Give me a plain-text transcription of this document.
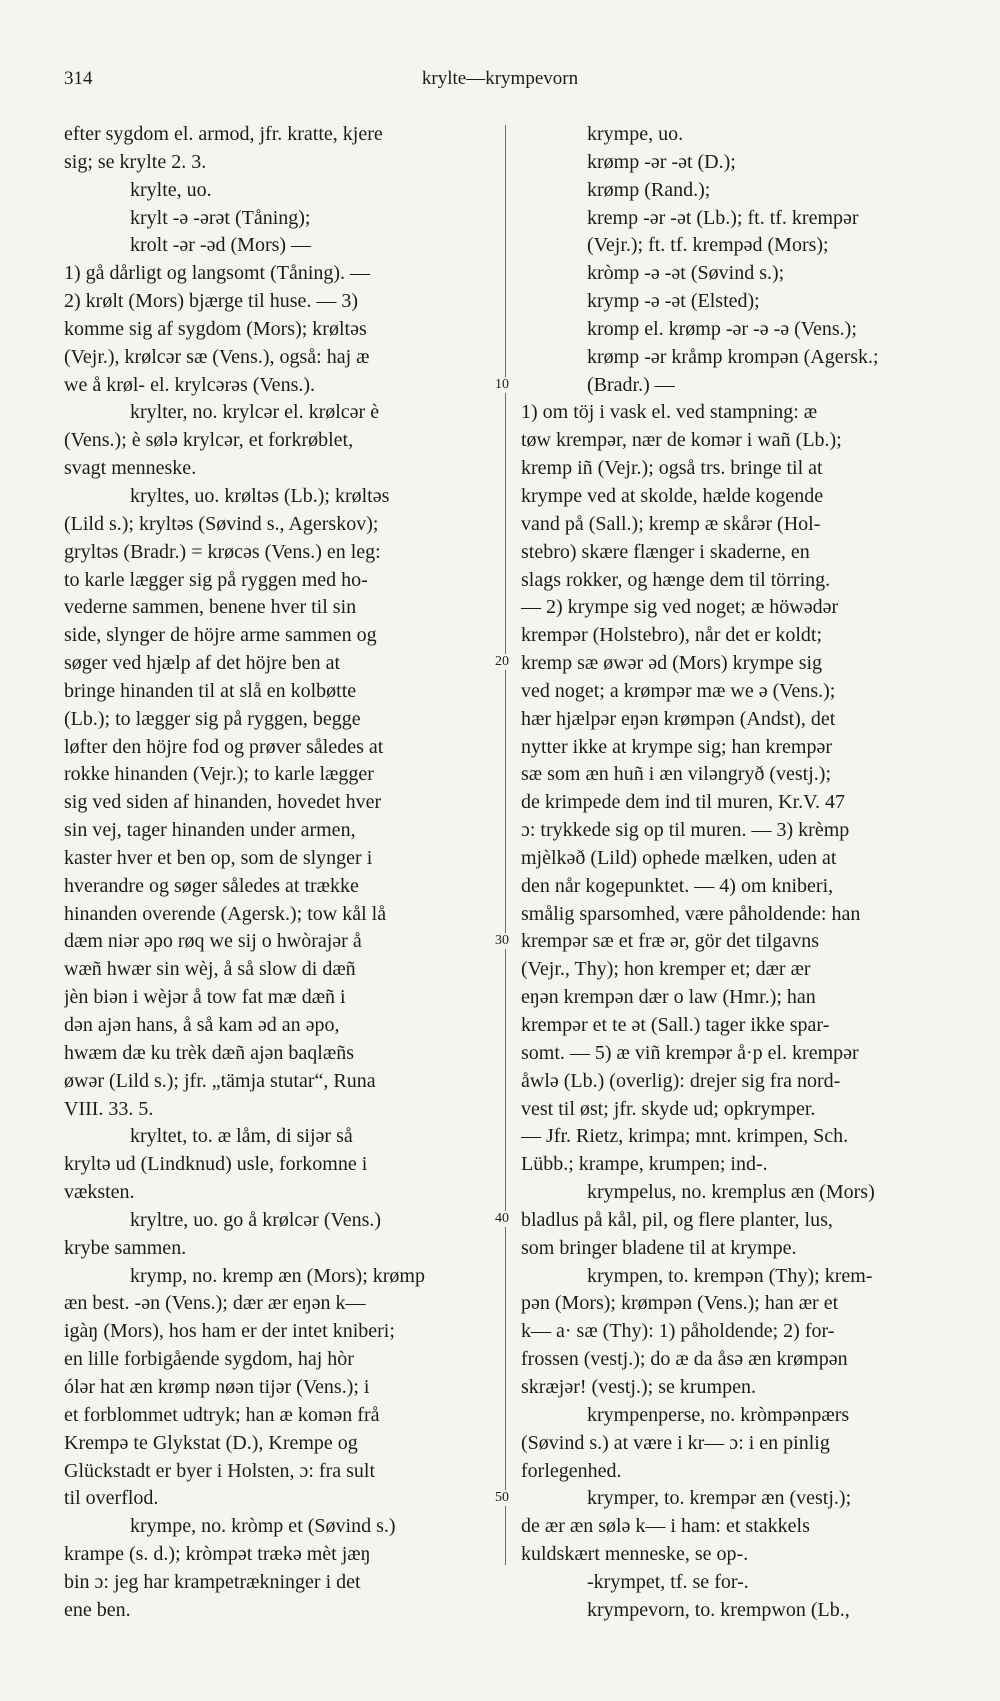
314	krylte—krympevorn
10
20
30
40
50
efter sygdom el. armod, jfr. kratte, kjere
sig; se krylte 2. 3.
krylte, uo.
krylt -ə -ərət (Tåning);
krolt -ər -əd (Mors) —
1) gå dårligt og langsomt (Tåning). —
2) krølt (Mors) bjærge til huse. — 3)
komme sig af sygdom (Mors); krøltəs
(Vejr.), krølcər sæ (Vens.), også: haj æ
we å krøl- el. krylcərəs (Vens.).
krylter, no. krylcər el. krølcər è
(Vens.); è sølə krylcər, et forkrøblet,
svagt menneske.
kryltes, uo. krøltəs (Lb.); krøltəs
(Lild s.); kryltəs (Søvind s., Agerskov);
gryltəs (Bradr.) = krøcəs (Vens.) en leg:
to karle lægger sig på ryggen med ho-
vederne sammen, benene hver til sin
side, slynger de höjre arme sammen og
søger ved hjælp af det höjre ben at
bringe hinanden til at slå en kolbøtte
(Lb.); to lægger sig på ryggen, begge
løfter den höjre fod og prøver således at
rokke hinanden (Vejr.); to karle lægger
sig ved siden af hinanden, hovedet hver
sin vej, tager hinanden under armen,
kaster hver et ben op, som de slynger i
hverandre og søger således at trække
hinanden overende (Agersk.); tow kål lå
dæm niər əpo røq we sij o hwòrajər å
wæñ hwær sin wèj, å så slow di dæñ
jèn biən i wèjər å tow fat mæ dæñ i
dən ajən hans, å så kam əd an əpo,
hwæm dæ ku trèk dæñ ajən baqlæñs
øwər (Lild s.); jfr. „tämja stutar“, Runa
VIII. 33. 5.
kryltet, to. æ låm, di sijər så
kryltə ud (Lindknud) usle, forkomne i
væksten.
kryltre, uo. go å krølcər (Vens.)
krybe sammen.
krymp, no. kremp æn (Mors); krømp
æn best. -ən (Vens.); dær ær eŋən k—
igàŋ (Mors), hos ham er der intet kniberi;
en lille forbigående sygdom, haj hòr
ólər hat æn krømp nøən tijər (Vens.); i
et forblommet udtryk; han æ komən frå
Krempə te Glykstat (D.), Krempe og
Glückstadt er byer i Holsten, ɔ: fra sult
til overflod.
krympe, no. kròmp et (Søvind s.)
krampe (s. d.); kròmpət trækə mèt jæŋ
bin ɔ: jeg har krampetrækninger i det
ene ben.
krympe, uo.
krømp -ər -ət (D.);
krømp (Rand.);
kremp -ər -ət (Lb.); ft. tf. krempər
(Vejr.); ft. tf. krempəd (Mors);
kròmp -ə -ət (Søvind s.);
krymp -ə -ət (Elsted);
kromp el. krømp -ər -ə -ə (Vens.);
krømp -ər kråmp krompən (Agersk.;
(Bradr.) —
1) om töj i vask el. ved stampning: æ
tøw krempər, nær de komər i wañ (Lb.);
kremp iñ (Vejr.); også trs. bringe til at
krympe ved at skolde, hælde kogende
vand på (Sall.); kremp æ skårər (Hol-
stebro) skære flænger i skaderne, en
slags rokker, og hænge dem til törring.
— 2) krympe sig ved noget; æ höwədər
krempər (Holstebro), når det er koldt;
kremp sæ øwər əd (Mors) krympe sig
ved noget; a krømpər mæ we ə (Vens.);
hær hjælpər eŋən krømpən (Andst), det
nytter ikke at krympe sig; han krempər
sæ som æn huñ i æn viləngryð (vestj.);
de krimpede dem ind til muren, Kr.V. 47
ɔ: trykkede sig op til muren. — 3) krèmp
mjèlkəð (Lild) ophede mælken, uden at
den når kogepunktet. — 4) om kniberi,
smålig sparsomhed, være påholdende: han
krempər sæ et fræ ər, gör det tilgavns
(Vejr., Thy); hon kremper et; dær ær
eŋən krempən dær o law (Hmr.); han
krempər et te ət (Sall.) tager ikke spar-
somt. — 5) æ viñ krempər å·p el. krempər
åwlə (Lb.) (overlig): drejer sig fra nord-
vest til øst; jfr. skyde ud; opkrymper.
— Jfr. Rietz, krimpa; mnt. krimpen, Sch.
Lübb.; krampe, krumpen; ind-.
krympelus, no. kremplus æn (Mors)
bladlus på kål, pil, og flere planter, lus,
som bringer bladene til at krympe.
krympen, to. krempən (Thy); krem-
pən (Mors); krømpən (Vens.); han ær et
k— a· sæ (Thy): 1) påholdende; 2) for-
frossen (vestj.); do æ da åsə æn krømpən
skræjər! (vestj.); se krumpen.
krympenperse, no. kròmpənpærs
(Søvind s.) at være i kr— ɔ: i en pinlig
forlegenhed.
krymper, to. krempər æn (vestj.);
de ær æn sølə k— i ham: et stakkels
kuldskært menneske, se op-.
-krympet, tf. se for-.
krympevorn, to. krempwon (Lb.,
